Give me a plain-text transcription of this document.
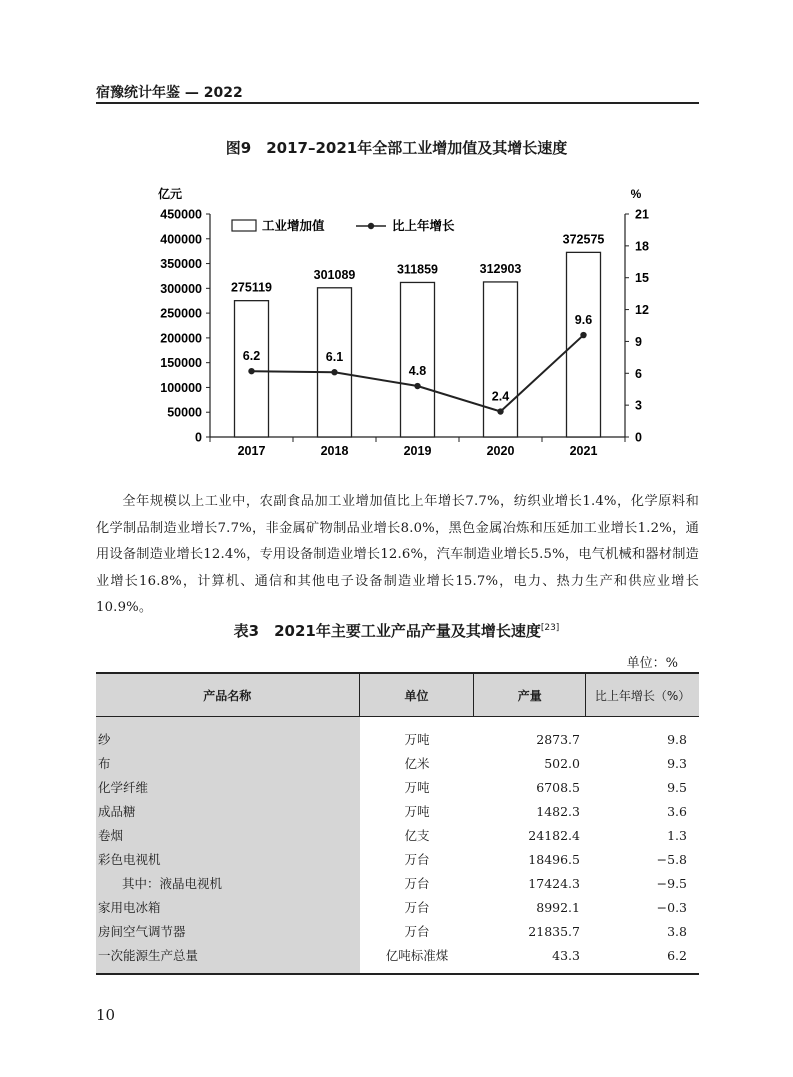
宿豫统计年鉴 — 2022
图9　2017–2021年全部工业增加值及其增长速度
亿元	%
450000
400000
350000
300000
250000
200000
150000
100000
50000
0
21
18
15
12
9
6
3
0
275119
301089	311859	312903
372575
2017	2018	2019	2020	2021
6.2	6.1
4.8
2.4
9.6
工业增加值	比上年增长

全年规模以上工业中，农副食品加工业增加值比上年增长7.7%，纺织业增长1.4%，化学原料和化学制品制造业增长7.7%，非金属矿物制品业增长8.0%，黑色金属冶炼和压延加工业增长1.2%，通用设备制造业增长12.4%，专用设备制造业增长12.6%，汽车制造业增长5.5%，电气机械和器材制造业增长16.8%，计算机、通信和其他电子设备制造业增长15.7%，电力、热力生产和供应业增长10.9%。

表3　2021年主要工业产品产量及其增长速度[23]
单位：%
产品名称	单位	产量	比上年增长（%）
纱	万吨	2873.7	9.8
布	亿米	502.0	9.3
化学纤维	万吨	6708.5	9.5
成品糖	万吨	1482.3	3.6
卷烟	亿支	24182.4	1.3
彩色电视机	万台	18496.5	−5.8
其中：液晶电视机	万台	17424.3	−9.5
家用电冰箱	万台	8992.1	−0.3
房间空气调节器	万台	21835.7	3.8
一次能源生产总量	亿吨标准煤	43.3	6.2
10
